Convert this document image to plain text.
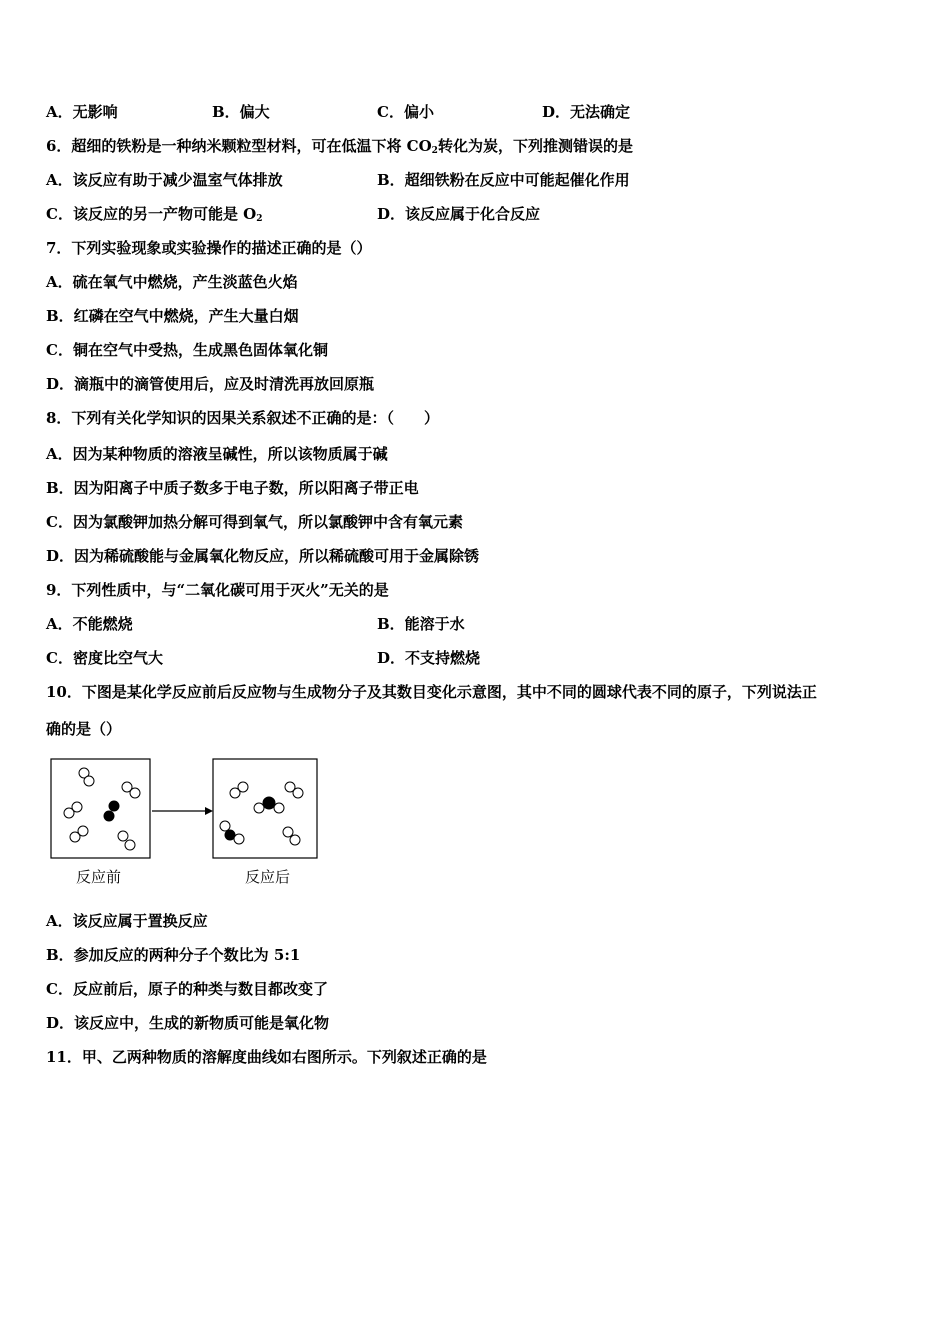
A．无影响	B．偏大	C．偏小	D．无法确定
6．超细的铁粉是一种纳米颗粒型材料，可在低温下将 $CO_2$转化为炭，下列推测错误的是
A．该反应有助于减少温室气体排放	B．超细铁粉在反应中可能起催化作用
C．该反应的另一产物可能是 $O_2$	D．该反应属于化合反应
7．下列实验现象或实验操作的描述正确的是（）
A．硫在氧气中燃烧，产生淡蓝色火焰
B．红磷在空气中燃烧，产生大量白烟
C．铜在空气中受热，生成黑色固体氧化铜
D．滴瓶中的滴管使用后，应及时清洗再放回原瓶
8．下列有关化学知识的因果关系叙述不正确的是：（　　）
A．因为某种物质的溶液呈碱性，所以该物质属于碱
B．因为阳离子中质子数多于电子数，所以阳离子带正电
C．因为氯酸钾加热分解可得到氧气，所以氯酸钾中含有氧元素
D．因为稀硫酸能与金属氧化物反应，所以稀硫酸可用于金属除锈
9．下列性质中，与“二氧化碳可用于灭火”无关的是
A．不能燃烧	B．能溶于水
C．密度比空气大	D．不支持燃烧
10．下图是某化学反应前后反应物与生成物分子及其数目变化示意图，其中不同的圆球代表不同的原子，下列说法正
确的是（）
反应前	反应后
A．该反应属于置换反应
B．参加反应的两种分子个数比为 5:1
C．反应前后，原子的种类与数目都改变了
D．该反应中，生成的新物质可能是氧化物
11．甲、乙两种物质的溶解度曲线如右图所示。下列叙述正确的是
